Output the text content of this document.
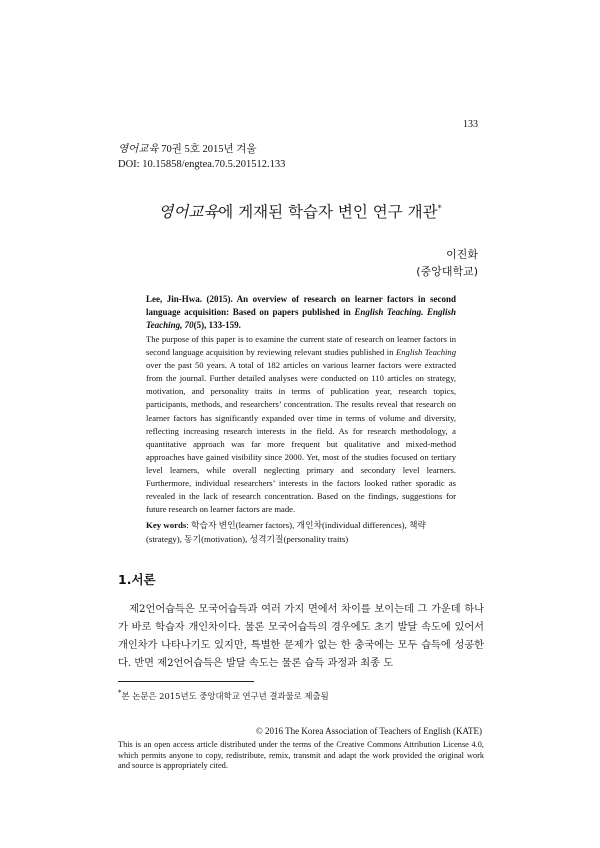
133
영어교육 70권 5호 2015년 겨울
DOI: 10.15858/engtea.70.5.201512.133
영어교육에 게재된 학습자 변인 연구 개관*
이진화
(중앙대학교)
Lee, Jin-Hwa. (2015). An overview of research on learner factors in second language acquisition: Based on papers published in English Teaching. English Teaching, 70(5), 133-159.
The purpose of this paper is to examine the current state of research on learner factors in second language acquisition by reviewing relevant studies published in English Teaching over the past 50 years. A total of 182 articles on various learner factors were extracted from the journal. Further detailed analyses were conducted on 110 articles on strategy, motivation, and personality traits in terms of publication year, research topics, participants, methods, and researchers’ concentration. The results reveal that research on learner factors has significantly expanded over time in terms of volume and diversity, reflecting increasing research interests in the field. As for research methodology, a quantitative approach was far more frequent but qualitative and mixed-method approaches have gained visibility since 2000. Yet, most of the studies focused on tertiary level learners, while overall neglecting primary and secondary level learners. Furthermore, individual researchers’ interests in the factors looked rather sporadic as revealed in the lack of research concentration. Based on the findings, suggestions for future research on learner factors are made.
Key words: 학습자 변인(learner factors), 개인차(individual differences), 책략(strategy), 동기(motivation), 성격기질(personality traits)
1.서론
제2언어습득은 모국어습득과 여러 가지 면에서 차이를 보이는데 그 가운데 하나가 바로 학습자 개인차이다. 물론 모국어습득의 경우에도 초기 발달 속도에 있어서 개인차가 나타나기도 있지만, 특별한 문제가 없는 한 충국에는 모두 습득에 성공한다. 반면 제2언어습득은 발달 속도는 물론 습득 과정과 최종 도
*본 논문은 2015년도 중앙대학교 연구년 결과물로 제출됨
© 2016 The Korea Association of Teachers of English (KATE)
This is an open access article distributed under the terms of the Creative Commons Attribution License 4.0, which permits anyone to copy, redistribute, remix, transmit and adapt the work provided the original work and source is appropriately cited.
